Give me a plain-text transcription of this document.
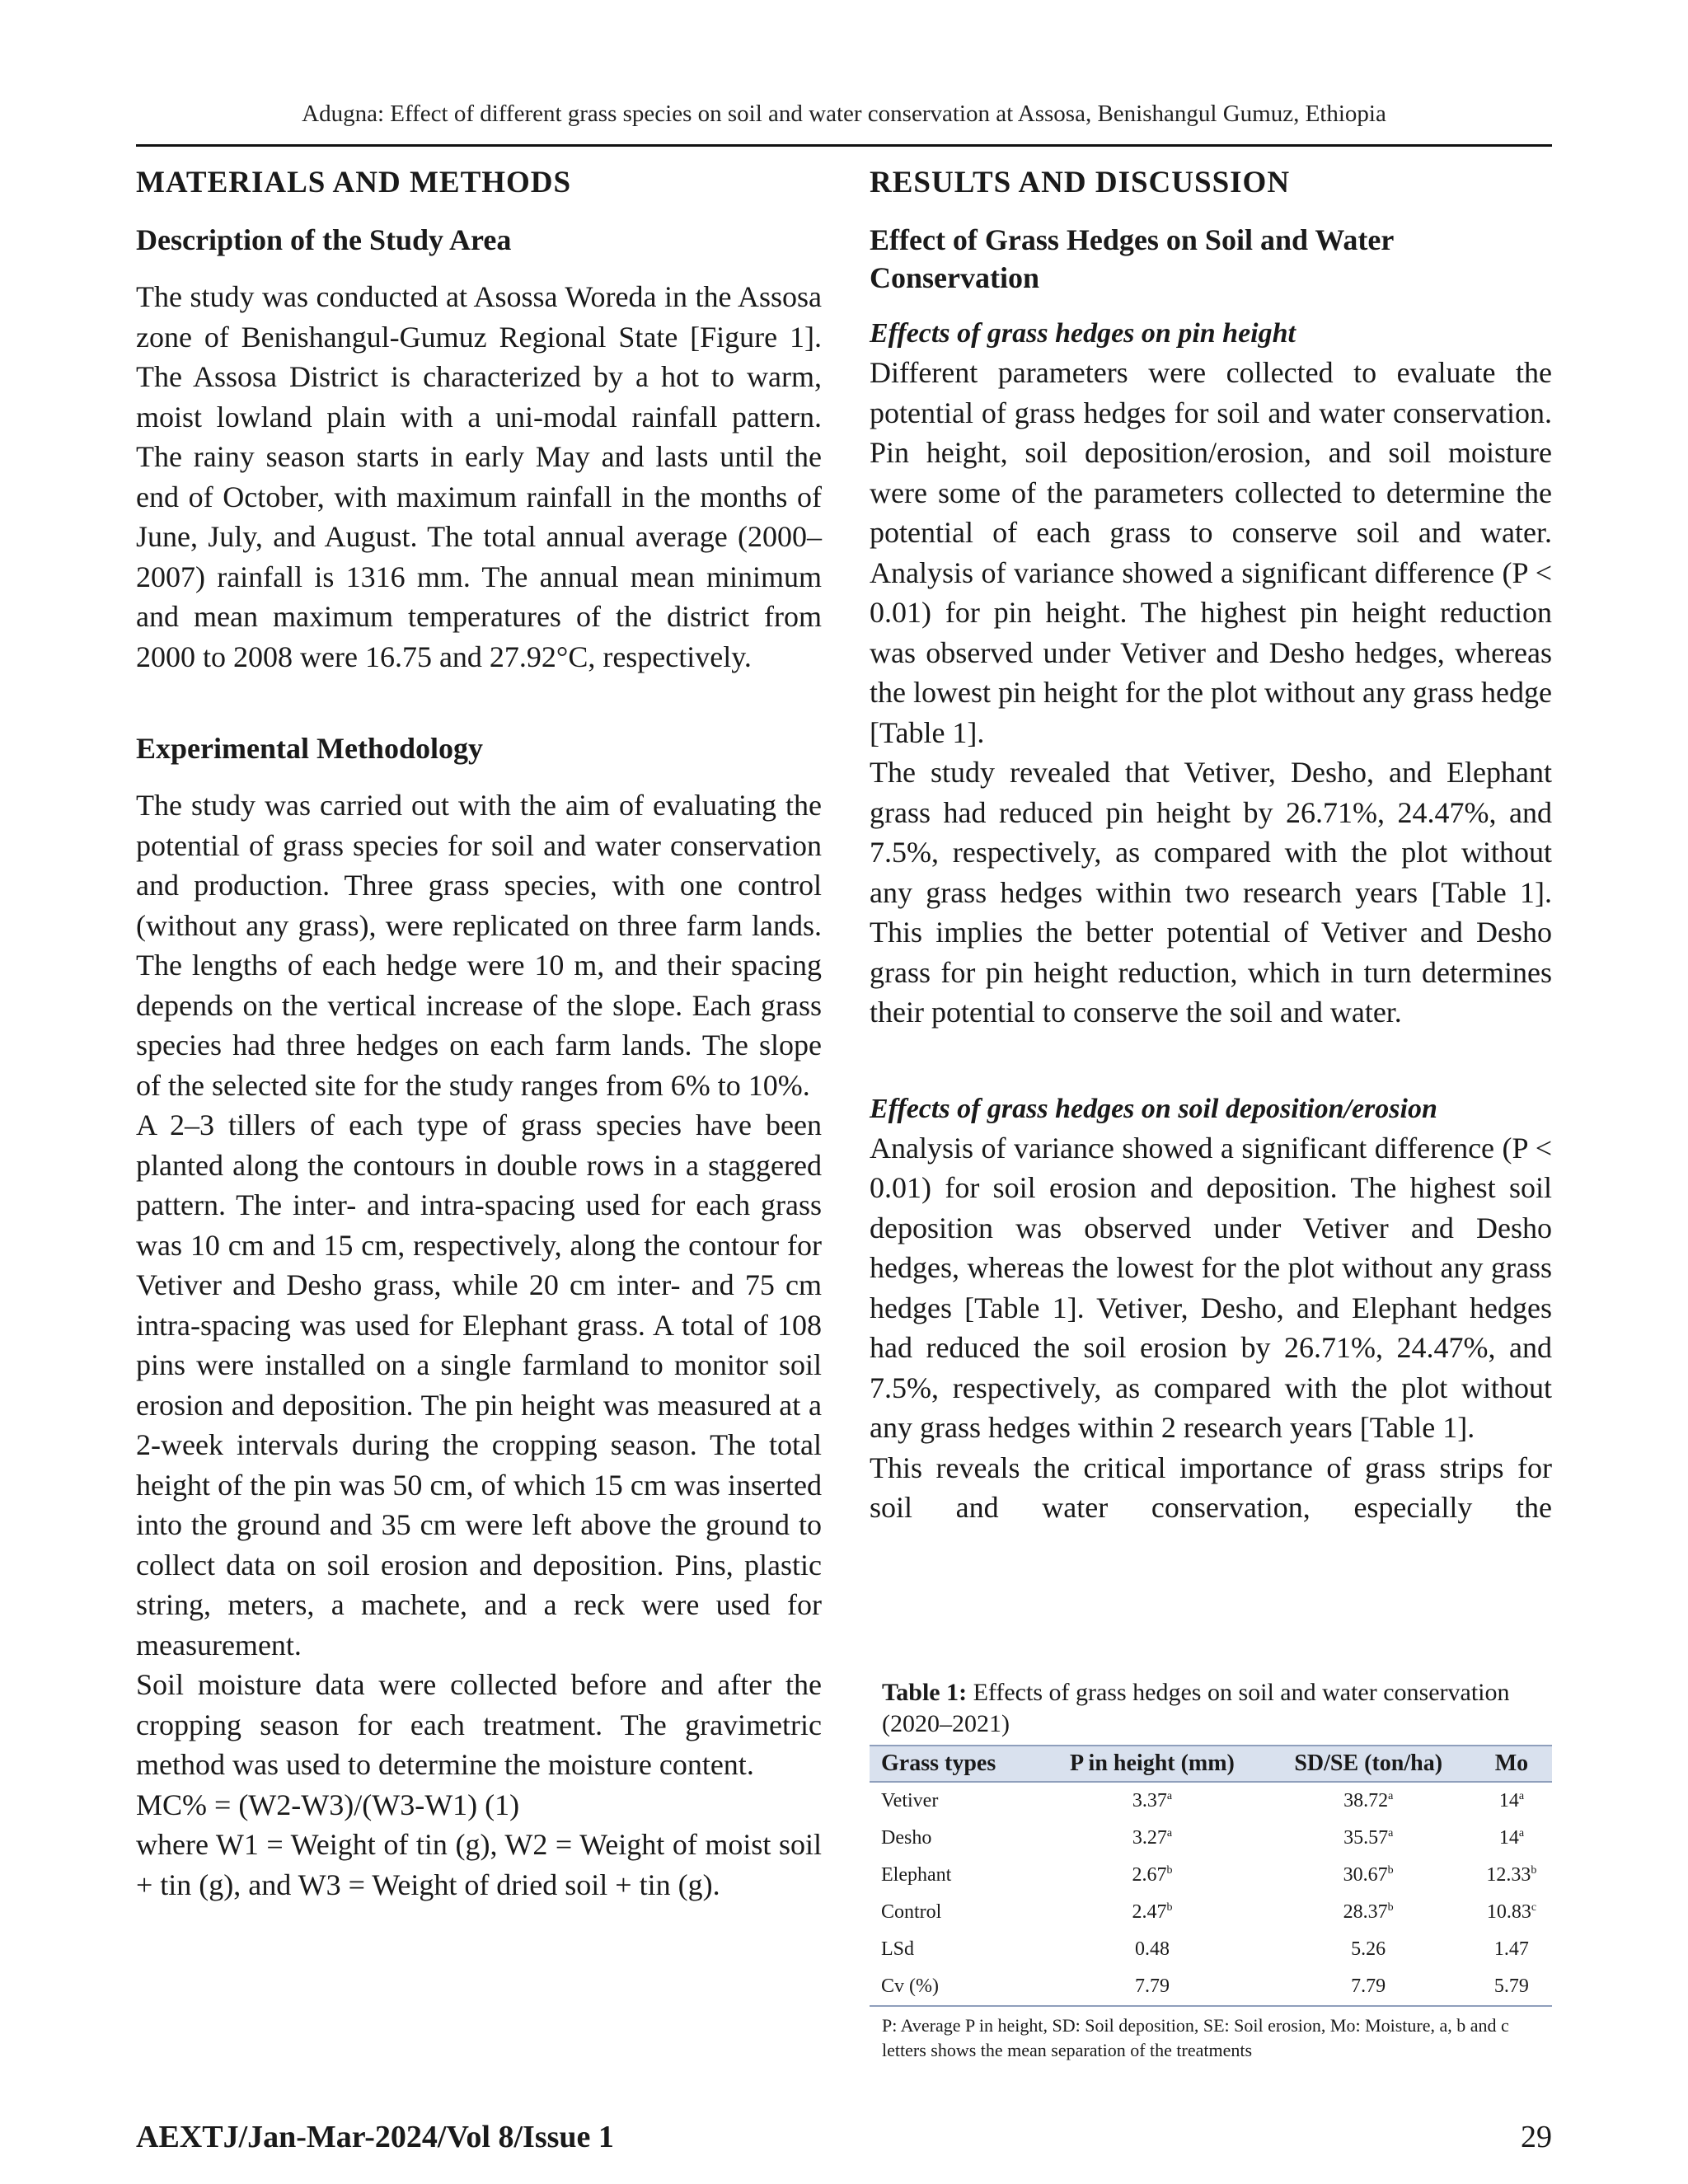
Adugna: Effect of different grass species on soil and water conservation at Assosa, Benishangul Gumuz, Ethiopia
MATERIALS AND METHODS
Description of the Study Area

The study was conducted at Asossa Woreda in the Assosa zone of Benishangul-Gumuz Regional State [Figure 1]. The Assosa District is characterized by a hot to warm, moist lowland plain with a uni-modal rainfall pattern. The rainy season starts in early May and lasts until the end of October, with maximum rainfall in the months of June, July, and August. The total annual average (2000–2007) rainfall is 1316 mm. The annual mean minimum and mean maximum temperatures of the district from 2000 to 2008 were 16.75 and 27.92°C, respectively.

Experimental Methodology

The study was carried out with the aim of evaluating the potential of grass species for soil and water conservation and production. Three grass species, with one control (without any grass), were replicated on three farm lands. The lengths of each hedge were 10 m, and their spacing depends on the vertical increase of the slope. Each grass species had three hedges on each farm lands. The slope of the selected site for the study ranges from 6% to 10%.

A 2–3 tillers of each type of grass species have been planted along the contours in double rows in a staggered pattern. The inter- and intra-spacing used for each grass was 10 cm and 15 cm, respectively, along the contour for Vetiver and Desho grass, while 20 cm inter- and 75 cm intra-spacing was used for Elephant grass. A total of 108 pins were installed on a single farmland to monitor soil erosion and deposition. The pin height was measured at a 2-week intervals during the cropping season. The total height of the pin was 50 cm, of which 15 cm was inserted into the ground and 35 cm were left above the ground to collect data on soil erosion and deposition. Pins, plastic string, meters, a machete, and a reck were used for measurement.

Soil moisture data were collected before and after the cropping season for each treatment. The gravimetric method was used to determine the moisture content.

MC% = (W2-W3)/(W3-W1) (1)

where W1 = Weight of tin (g), W2 = Weight of moist soil + tin (g), and W3 = Weight of dried soil + tin (g).

RESULTS AND DISCUSSION
Effect of Grass Hedges on Soil and Water Conservation
Effects of grass hedges on pin height

Different parameters were collected to evaluate the potential of grass hedges for soil and water conservation. Pin height, soil deposition/erosion, and soil moisture were some of the parameters collected to determine the potential of each grass to conserve soil and water. Analysis of variance showed a significant difference (P < 0.01) for pin height. The highest pin height reduction was observed under Vetiver and Desho hedges, whereas the lowest pin height for the plot without any grass hedge [Table 1].

The study revealed that Vetiver, Desho, and Elephant grass had reduced pin height by 26.71%, 24.47%, and 7.5%, respectively, as compared with the plot without any grass hedges within two research years [Table 1]. This implies the better potential of Vetiver and Desho grass for pin height reduction, which in turn determines their potential to conserve the soil and water.

Effects of grass hedges on soil deposition/erosion

Analysis of variance showed a significant difference (P < 0.01) for soil erosion and deposition. The highest soil deposition was observed under Vetiver and Desho hedges, whereas the lowest for the plot without any grass hedges [Table 1]. Vetiver, Desho, and Elephant hedges had reduced the soil erosion by 26.71%, 24.47%, and 7.5%, respectively, as compared with the plot without any grass hedges within 2 research years [Table 1].

This reveals the critical importance of grass strips for soil and water conservation, especially the

Table 1: Effects of grass hedges on soil and water conservation (2020–2021)

Grass types	P in height (mm)	SD/SE (ton/ha)	Mo
Vetiver	3.37$^a$	38.72$^a$	14$^a$
Desho	3.27$^a$	35.57$^a$	14$^a$
Elephant	2.67$^b$	30.67$^b$	12.33$^b$
Control	2.47$^b$	28.37$^b$	10.83$^c$
LSd	0.48	5.26	1.47
Cv (%)	7.79	7.79	5.79

P: Average P in height, SD: Soil deposition, SE: Soil erosion, Mo: Moisture, a, b and c letters shows the mean separation of the treatments

AEXTJ/Jan-Mar-2024/Vol 8/Issue 1	29
